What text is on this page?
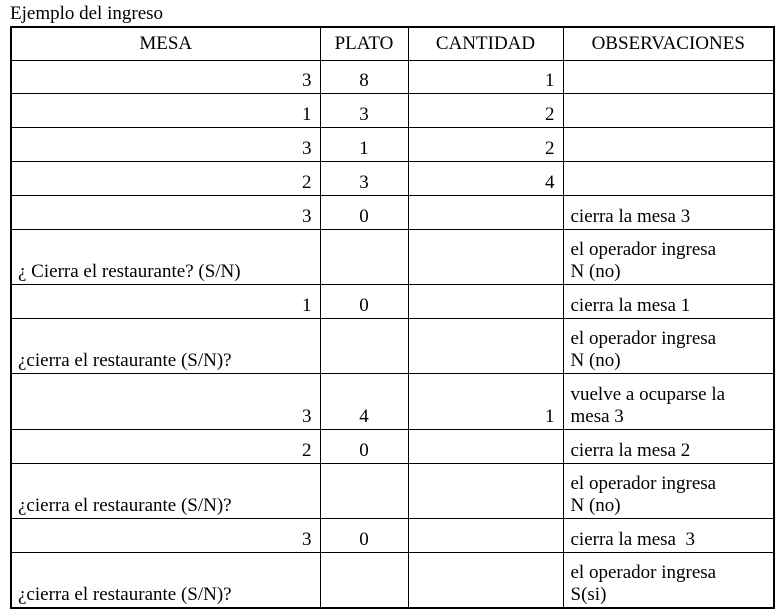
Ejemplo del ingreso
MESA	PLATO	CANTIDAD	OBSERVACIONES
3	8	1	

1	3	2	

3	1	2	

2	3	4	

3	0		cierra la mesa 3

¿ Cierra el restaurante? (S/N)			el operador ingresa
N (no)

1	0		cierra la mesa 1

¿cierra el restaurante (S/N)?			el operador ingresa
N (no)

3	4	1	vuelve a ocuparse la
mesa 3

2	0		cierra la mesa 2

¿cierra el restaurante (S/N)?			el operador ingresa
N (no)

3	0		cierra la mesa  3

¿cierra el restaurante (S/N)?			el operador ingresa
S(si)
